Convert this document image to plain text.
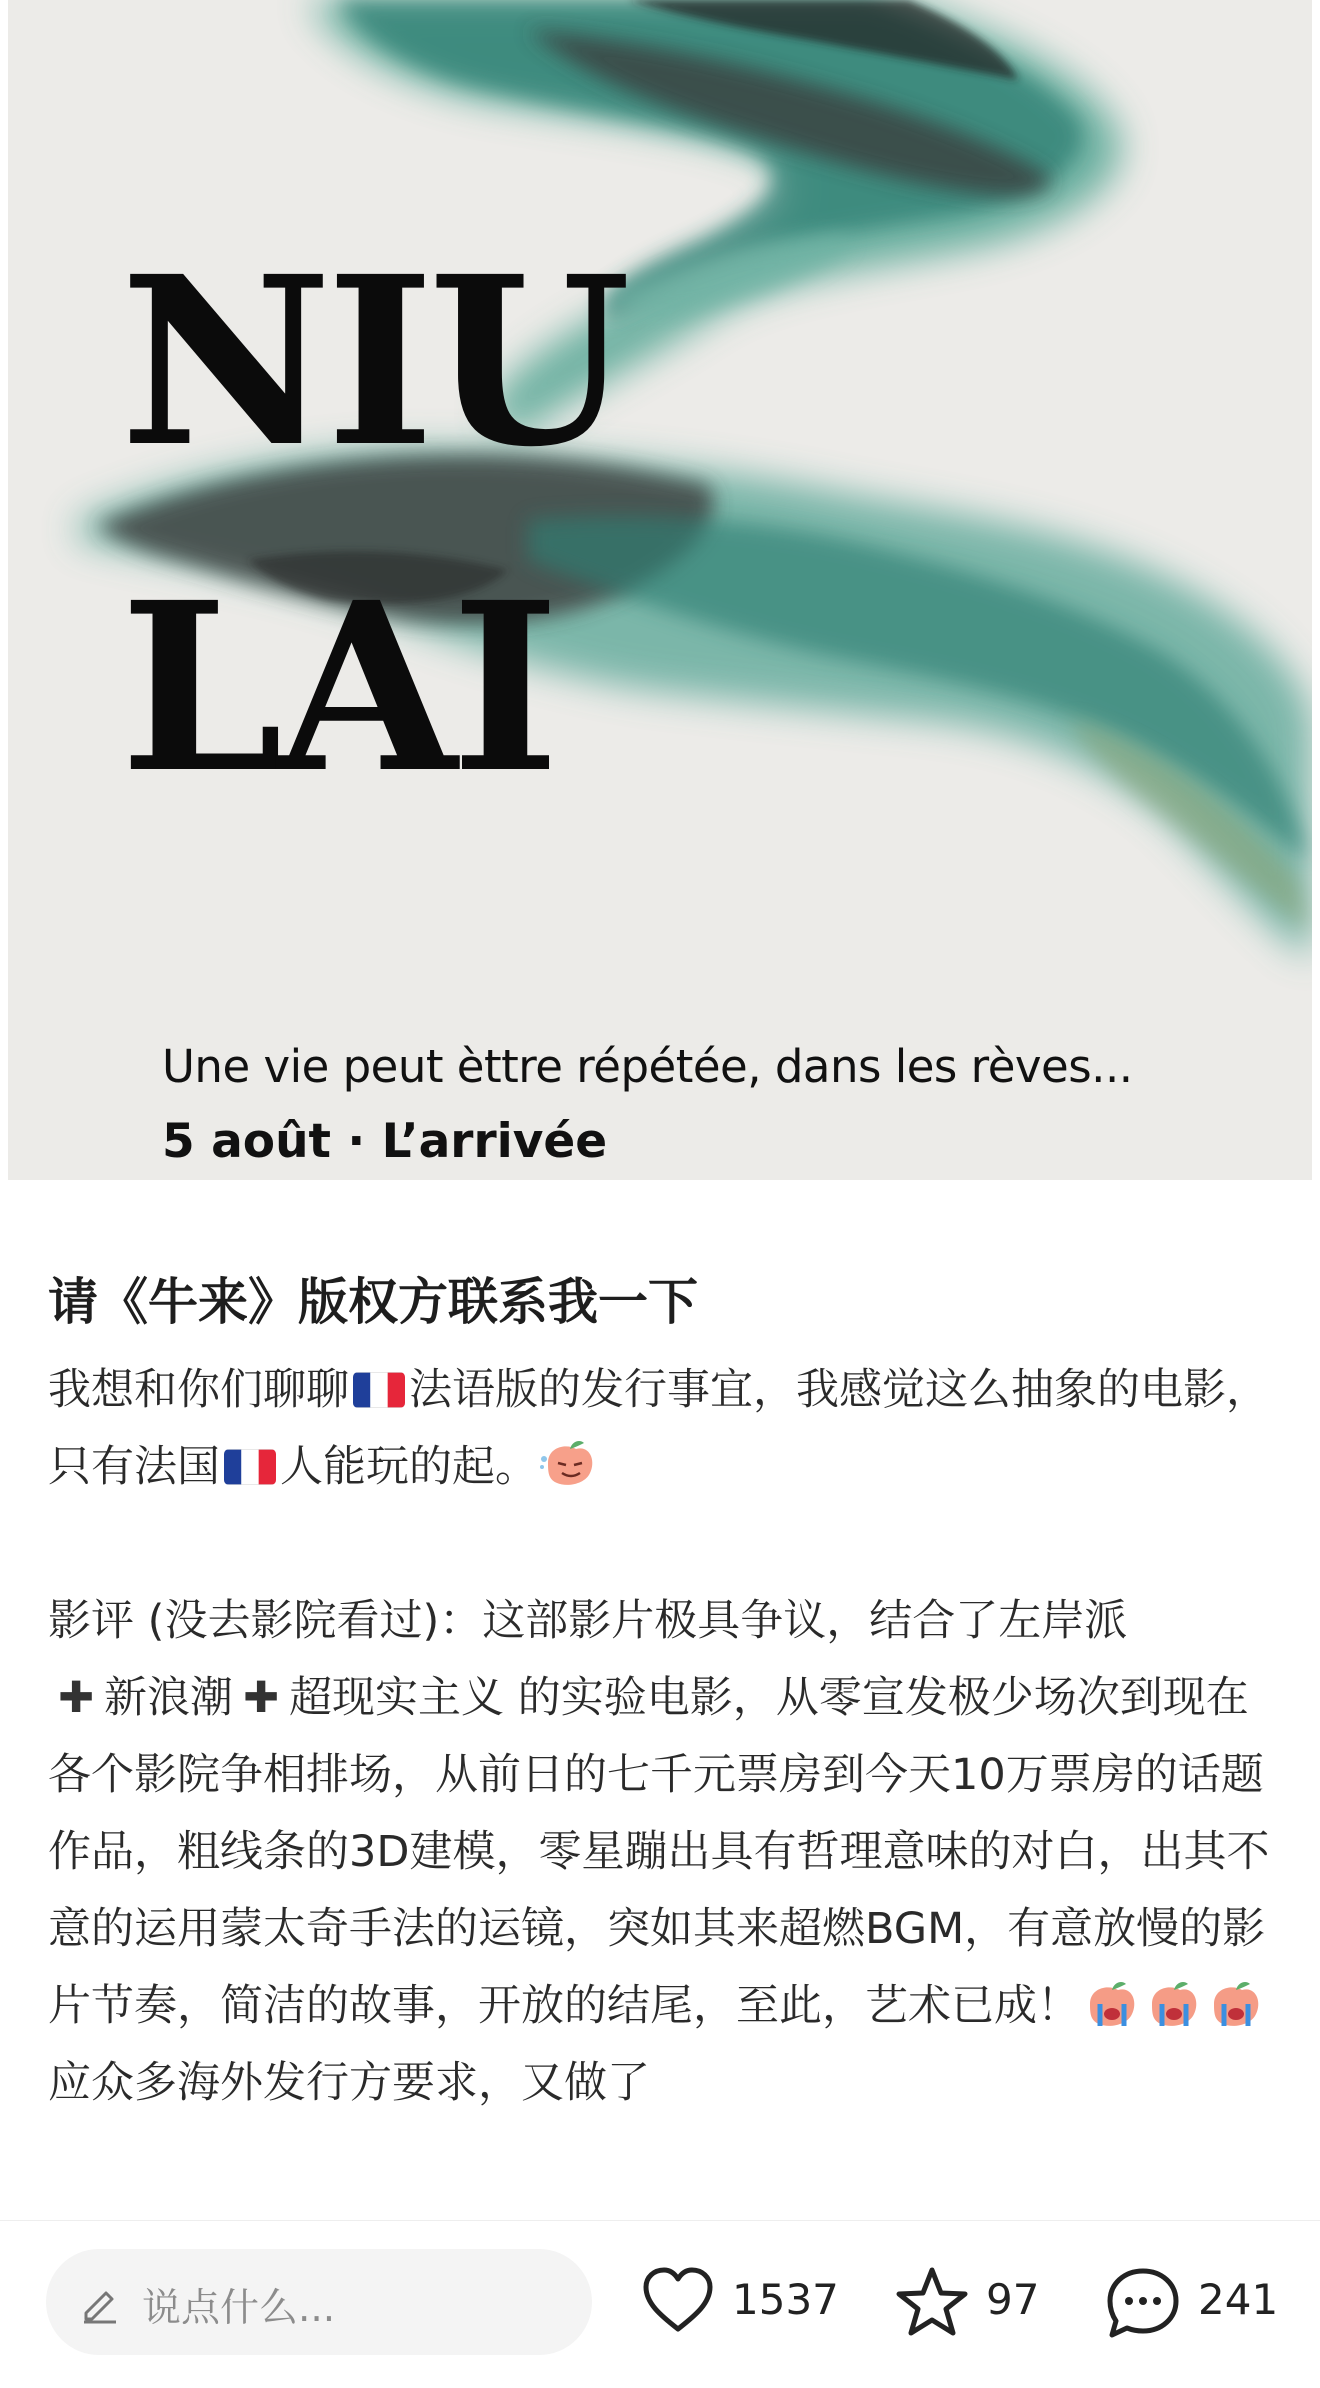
NIU
LAI
Une vie peut èttre répétée, dans les rèves...
5 août · L’arrivée
请《牛来》版权方联系我一下

我想和你们聊聊 法语版的发行事宜，我感觉这么抽象的电影，只有法国 人能玩的起。

影评 (没去影院看过)：这部影片极具争议，结合了左岸派
✚ 新浪潮 ✚ 超现实主义 的实验电影，从零宣发极少场次到现在各个影院争相排场，从前日的七千元票房到今天10万票房的话题作品，粗线条的3D建模，零星蹦出具有哲理意味的对白，出其不意的运用蒙太奇手法的运镜，突如其来超燃BGM，有意放慢的影片节奏，简洁的故事，开放的结尾，至此，艺术已成！

应众多海外发行方要求，又做了

说点什么...	1537	97	241
